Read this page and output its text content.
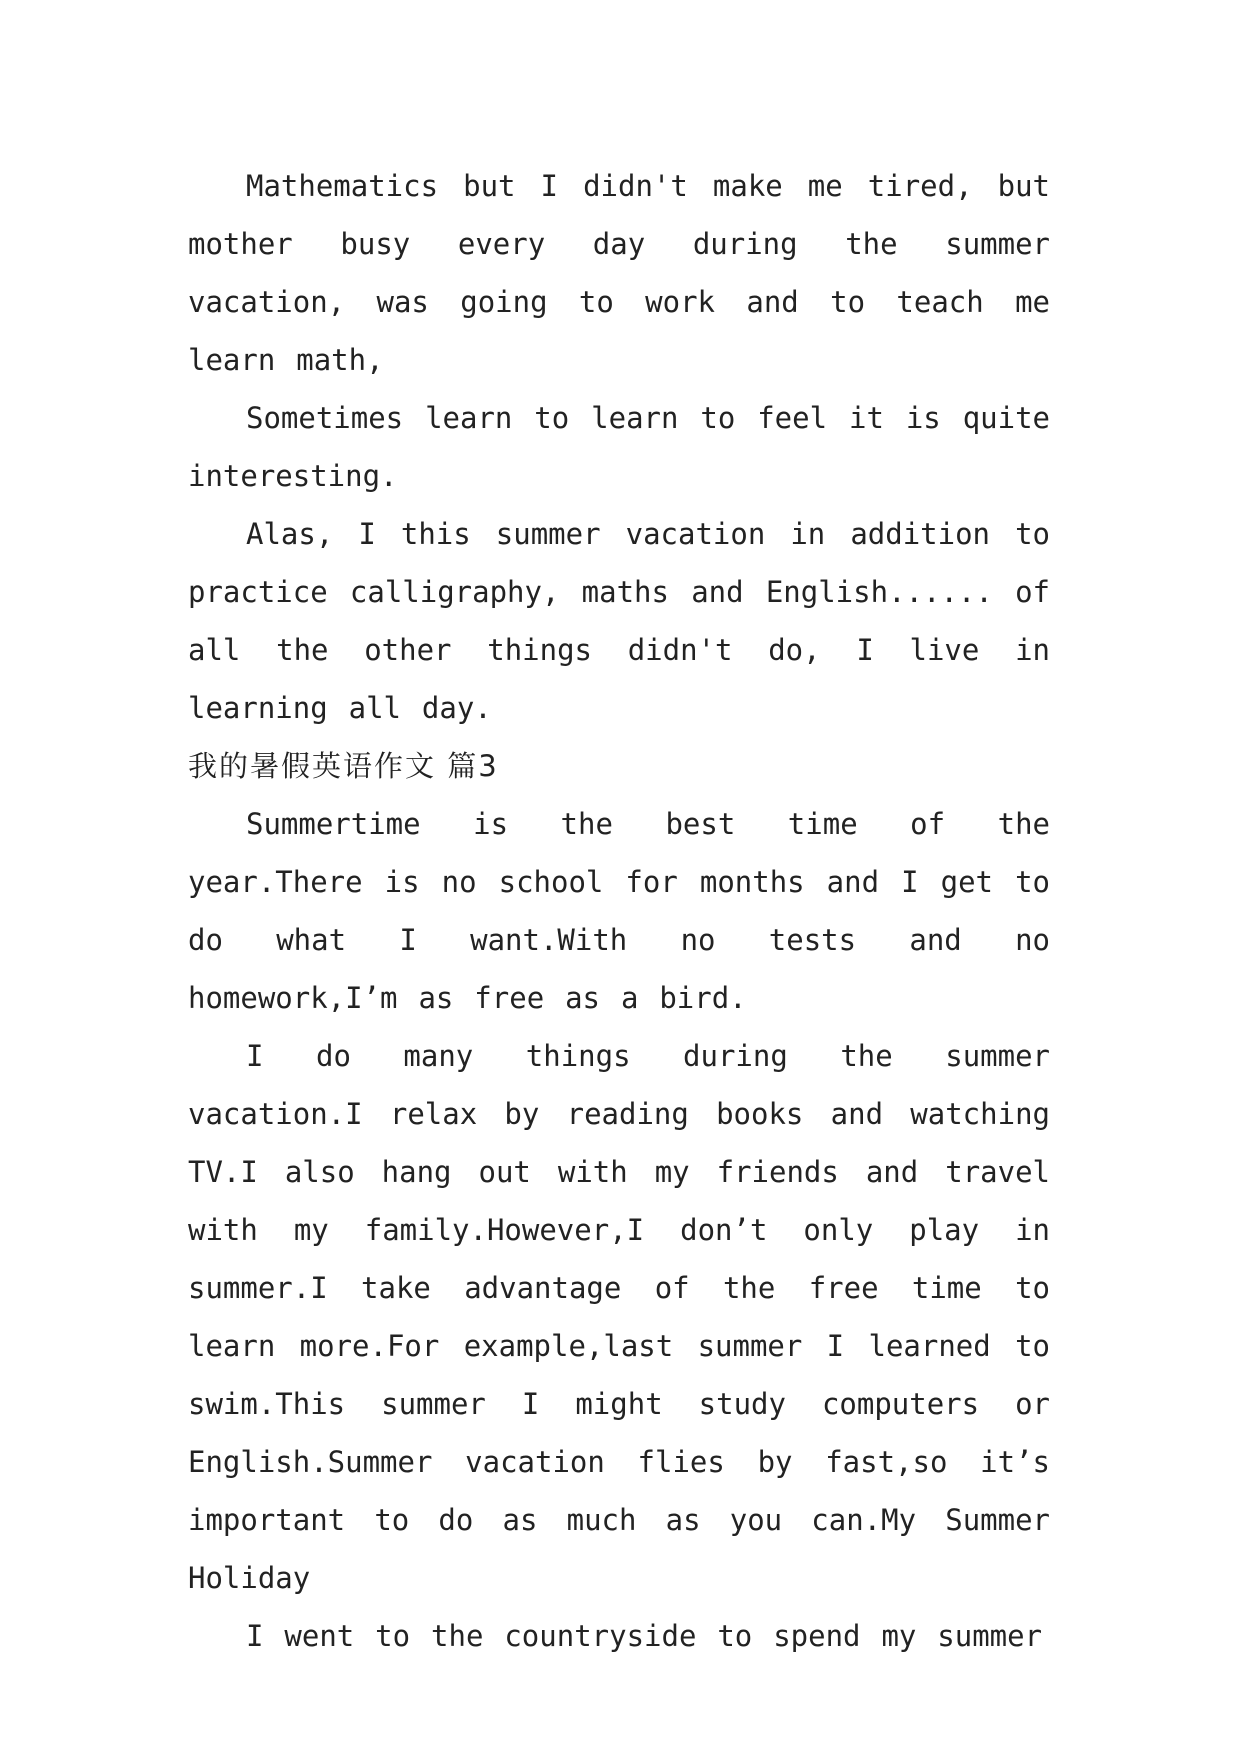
Mathematics but I didn't make me tired, but mother busy every day during the summer vacation, was going to work and to teach me learn math,

Sometimes learn to learn to feel it is quite interesting.

Alas, I this summer vacation in addition to practice calligraphy, maths and English...... of all the other things didn't do, I live in learning all day.

我的暑假英语作文 篇3

Summertime is the best time of the year.There is no school for months and I get to do what I want.With no tests and no homework,I’m as free as a bird.

I do many things during the summer vacation.I relax by reading books and watching TV.I also hang out with my friends and travel with my family.However,I don’t only play in summer.I take advantage of the free time to learn more.For example,last summer I learned to swim.This summer I might study computers or English.Summer vacation flies by fast,so it’s important to do as much as you can.My Summer Holiday

I went to the countryside to spend my summer
